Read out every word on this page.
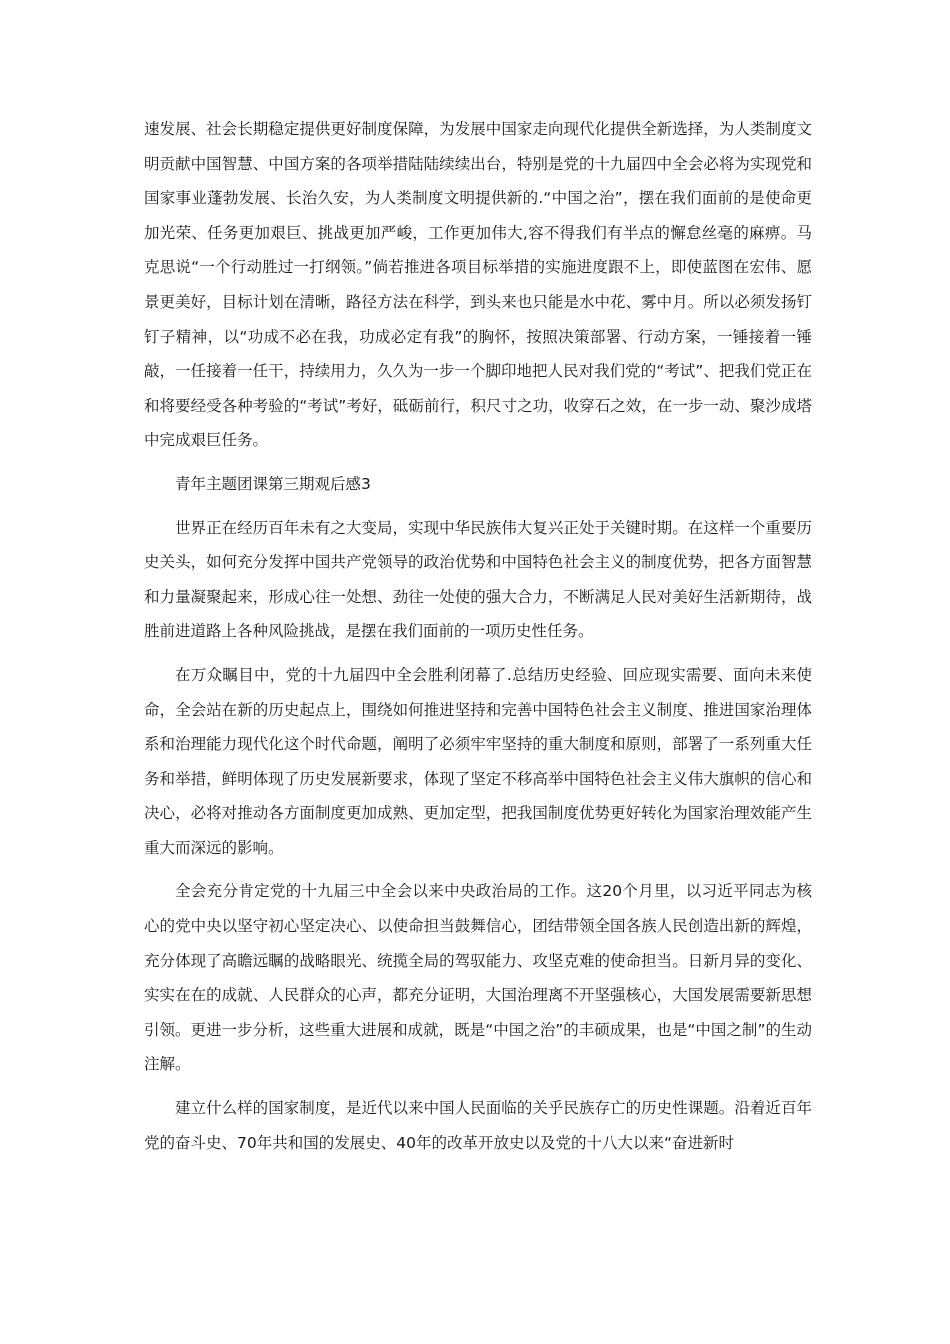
速发展、社会长期稳定提供更好制度保障，为发展中国家走向现代化提供全新选择，为人类制度文明贡献中国智慧、中国方案的各项举措陆陆续续出台，特别是党的十九届四中全会必将为实现党和国家事业蓬勃发展、长治久安，为人类制度文明提供新的.“中国之治”，摆在我们面前的是使命更加光荣、任务更加艰巨、挑战更加严峻，工作更加伟大,容不得我们有半点的懈怠丝毫的麻痹。马克思说“一个行动胜过一打纲领。”倘若推进各项目标举措的实施进度跟不上，即使蓝图在宏伟、愿景更美好，目标计划在清晰，路径方法在科学，到头来也只能是水中花、雾中月。所以必须发扬钉钉子精神，以“功成不必在我，功成必定有我”的胸怀，按照决策部署、行动方案，一锤接着一锤敲，一任接着一任干，持续用力，久久为一步一个脚印地把人民对我们党的“考试”、把我们党正在和将要经受各种考验的“考试”考好，砥砺前行，积尺寸之功，收穿石之效，在一步一动、聚沙成塔中完成艰巨任务。

青年主题团课第三期观后感3

世界正在经历百年未有之大变局，实现中华民族伟大复兴正处于关键时期。在这样一个重要历史关头，如何充分发挥中国共产党领导的政治优势和中国特色社会主义的制度优势，把各方面智慧和力量凝聚起来，形成心往一处想、劲往一处使的强大合力，不断满足人民对美好生活新期待，战胜前进道路上各种风险挑战，是摆在我们面前的一项历史性任务。

在万众瞩目中，党的十九届四中全会胜利闭幕了.总结历史经验、回应现实需要、面向未来使命，全会站在新的历史起点上，围绕如何推进坚持和完善中国特色社会主义制度、推进国家治理体系和治理能力现代化这个时代命题，阐明了必须牢牢坚持的重大制度和原则，部署了一系列重大任务和举措，鲜明体现了历史发展新要求，体现了坚定不移高举中国特色社会主义伟大旗帜的信心和决心，必将对推动各方面制度更加成熟、更加定型，把我国制度优势更好转化为国家治理效能产生重大而深远的影响。

全会充分肯定党的十九届三中全会以来中央政治局的工作。这20个月里，以习近平同志为核心的党中央以坚守初心坚定决心、以使命担当鼓舞信心，团结带领全国各族人民创造出新的辉煌，充分体现了高瞻远瞩的战略眼光、统揽全局的驾驭能力、攻坚克难的使命担当。日新月异的变化、实实在在的成就、人民群众的心声，都充分证明，大国治理离不开坚强核心，大国发展需要新思想引领。更进一步分析，这些重大进展和成就，既是“中国之治”的丰硕成果，也是“中国之制”的生动注解。

建立什么样的国家制度，是近代以来中国人民面临的关乎民族存亡的历史性课题。沿着近百年党的奋斗史、70年共和国的发展史、40年的改革开放史以及党的十八大以来“奋进新时
